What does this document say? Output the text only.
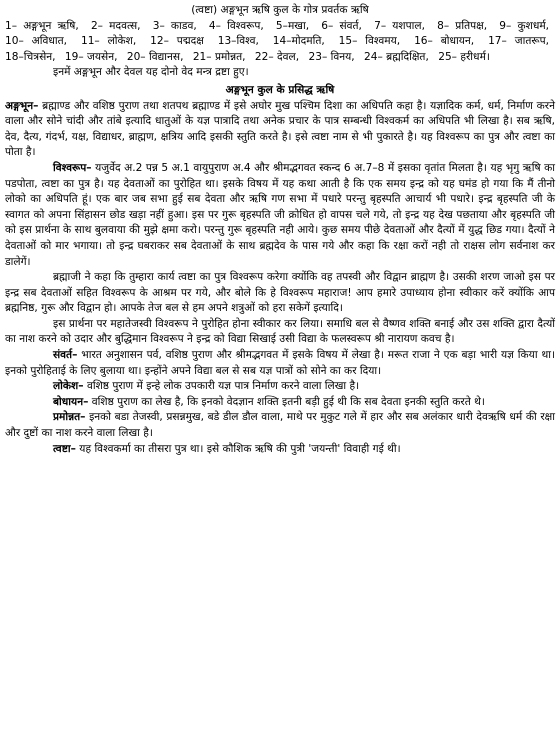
(त्वष्टा) अङ्गभून ऋषि कुल के गोत्र प्रवर्तक ऋषि

1– अङ्गभून ऋषि, 2– मदवत्स, 3– काडव, 4– विश्वरूप, 5–मखा, 6– संवर्त, 7– यशपाल, 8– प्रतिपक्ष, 9– कुशधर्म, 10– अविधात, 11– लोकेश, 12– पद्मदक्ष 13–विश्व, 14–मोदमति, 15– विश्वमय, 16– बोधायन, 17– जातरूप, 18–चित्रसेन, 19– जयसेन, 20– विद्यानस, 21– प्रमोन्नत, 22– देवल, 23– विनय, 24– ब्रह्मदिक्षित, 25– हरीधर्म।

इनमें अङ्गभून और देवल यह दोनो वेद मन्त्र द्रष्टा हुए।

अङ्गभून कुल के प्रसिद्ध ऋषि

अङ्गभून– ब्रह्माण्ड और वशिष्ठ पुराण तथा शतपथ ब्रह्माण्ड में इसे अघोर मुख पश्चिम दिशा का अधिपति कहा है। यज्ञादिक कर्म, धर्म, निर्माण करने वाला और सोने चांदी और तांबे इत्यादि धातुओं के यज्ञ पात्रादि तथा अनेक प्रचार के पात्र सम्बन्धी विश्वकर्म का अधिपति भी लिखा है। सब ऋषि, देव, दैत्य, गंदर्भ, यक्ष, विद्याधर, ब्राह्मण, क्षत्रिय आदि इसकी स्तुति करते है। इसे त्वष्टा नाम से भी पुकारते है। यह विश्वरूप का पुत्र और त्वष्टा का पोता है।

विश्वरूप– यजुर्वेद अ.2 पन्न 5 अ.1 वायुपुराण अ.4 और श्रीमद्भगवत स्कन्द 6 अ.7–8 में इसका वृतांत मिलता है। यह भृगु ऋषि का पडपोता, त्वष्टा का पुत्र है। यह देवताओं का पुरोहित था। इसके विषय में यह कथा आती है कि एक समय इन्द्र को यह घमंड हो गया कि मैं तीनो लोको का अधिपति हूं। एक बार जब सभा हुई सब देवता और ऋषि गण सभा में पधारे परन्तु बृहस्पति आचार्य भी पधारे। इन्द्र बृहस्पति जी के स्वागत को अपना सिंहासन छोड खड़ा नहीं हुआ। इस पर गुरू बृहस्पति जी क्रोधित हो वापस चले गये, तो इन्द्र यह देख पछताया और बृहस्पति जी को इस प्रार्थना के साथ बुलवाया की मुझे क्षमा करो। परन्तु गुरू बृहस्पति नही आये। कुछ समय पीछे देवताओं और दैत्यों में युद्ध छिड गया। दैत्यों ने देवताओं को मार भगाया। तो इन्द्र घबराकर सब देवताओं के साथ ब्रह्मदेव के पास गये और कहा कि रक्षा करों नही तो राक्षस लोग सर्वनाश कर डालेगें।

ब्रह्माजी ने कहा कि तुम्हारा कार्य त्वष्टा का पुत्र विश्वरूप करेगा क्योंकि वह तपस्वी और विद्वान ब्राह्मण है। उसकी शरण जाओ इस पर इन्द्र सब देवताओं सहित विश्वरूप के आश्रम पर गये, और बोले कि हे विश्वरूप महाराज! आप हमारे उपाध्याय होना स्वीकार करें क्योंकि आप ब्रह्मनिष्ठ, गुरू और विद्वान हो। आपके तेज बल से हम अपने शत्रुओं को हरा सकेगें इत्यादि।

इस प्रार्थना पर महातेजस्वी विश्वरूप ने पुरोहित होना स्वीकार कर लिया। समाधि बल से वैष्णव शक्ति बनाई और उस शक्ति द्वारा दैत्यों का नाश करने को उदार और बुद्धिमान विश्वरूप ने इन्द्र को विद्या सिखाई उसी विद्या के फलस्वरूप श्री नारायण कवच है।

संवर्त– भारत अनुशासन पर्व, वशिष्ठ पुराण और श्रीमद्भगवत में इसके विषय में लेखा है। मरूत राजा ने एक बड़ा भारी यज्ञ किया था। इनको पुरोहिताई के लिए बुलाया था। इन्होंने अपने विद्या बल से सब यज्ञ पात्रों को सोने का कर दिया।

लोकेश– वशिष्ठ पुराण में इन्हे लोक उपकारी यज्ञ पात्र निर्माण करने वाला लिखा है।

बोधायन– वशिष्ठ पुराण का लेख है, कि इनको वेदज्ञान शक्ति इतनी बड़ी हुई थी कि सब देवता इनकी स्तुति करते थे।

प्रमोन्नत– इनको बडा तेजस्वी, प्रसन्नमुख, बडे डील डौल वाला, माथे पर मुकुट गले में हार और सब अलंकार धारी देवऋषि धर्म की रक्षा और दुष्टों का नाश करने वाला लिखा है।

त्वष्टा– यह विश्वकर्मा का तीसरा पुत्र था। इसे कौशिक ऋषि की पुत्री 'जयन्ती' विवाही गई थी।
